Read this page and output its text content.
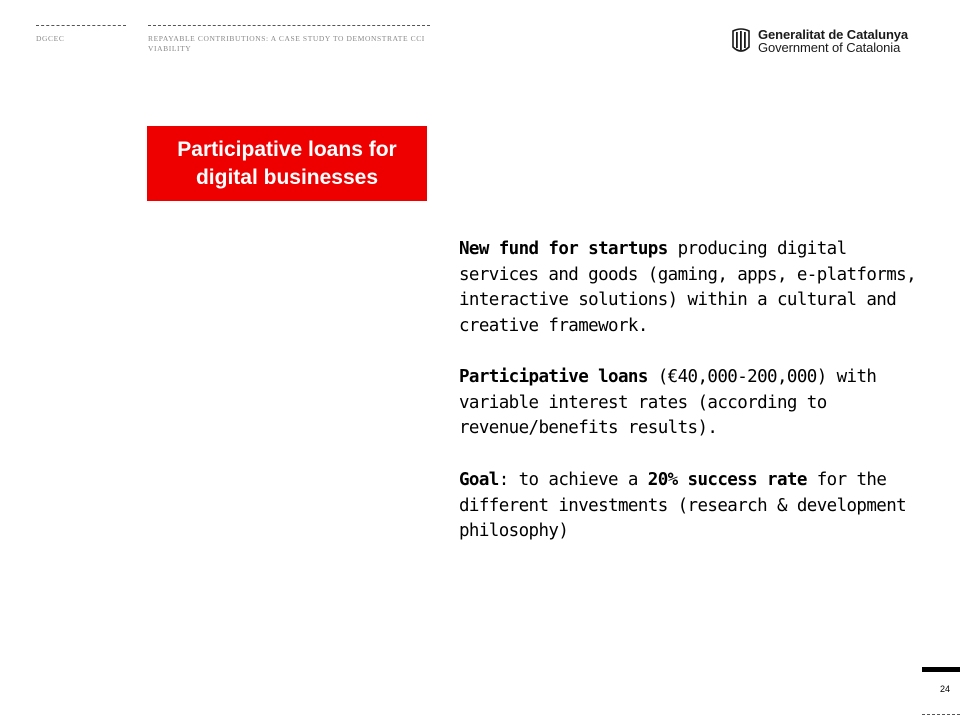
DGCEC	REPAYABLE CONTRIBUTIONS: A CASE STUDY TO DEMONSTRATE CCI VIABILITY
Generalitat de Catalunya
Government of Catalonia
Participative loans for digital businesses
New fund for startups producing digital services and goods (gaming, apps, e-platforms, interactive solutions) within a cultural and creative framework.
Participative loans (€40,000-200,000) with variable interest rates (according to revenue/benefits results).
Goal: to achieve a 20% success rate for the different investments (research & development philosophy)
24
